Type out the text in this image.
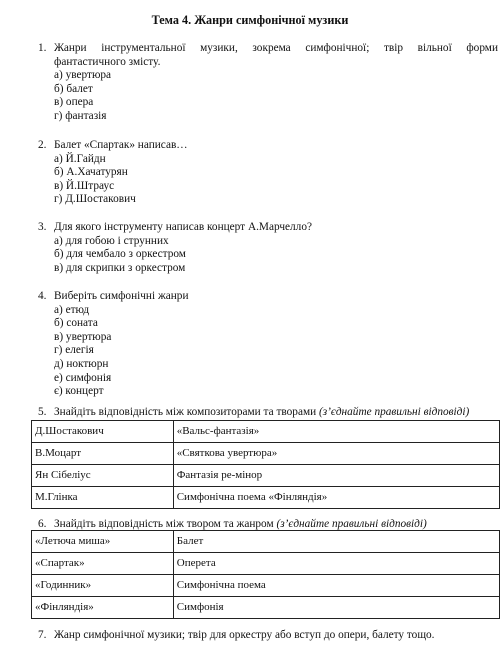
Тема 4. Жанри симфонічної музики
1. Жанри інструментальної музики, зокрема симфонічної; твір вільної форми
фантастичного змісту.
а) увертюра
б) балет
в) опера
г) фантазія
2. Балет «Спартак» написав…
а) Й.Гайдн
б) А.Хачатурян
в) Й.Штраус
г) Д.Шостакович
3. Для якого інструменту написав концерт А.Марчелло?
а) для гобою і струнних
б) для чембало з оркестром
в) для скрипки з оркестром
4. Виберіть симфонічні жанри
а) етюд
б) соната
в) увертюра
г) елегія
д) ноктюрн
е) симфонія
є) концерт
5. Знайдіть відповідність між композиторами та творами (з’єднайте правильні відповіді)
Д.Шостакович	«Вальс-фантазія»
В.Моцарт	«Святкова увертюра»
Ян Сібеліус	Фантазія ре-мінор
М.Глінка	Симфонічна поема «Фінляндія»
6. Знайдіть відповідність між твором та жанром (з’єднайте правильні відповіді)
«Летюча миша»	Балет
«Спартак»	Оперета
«Годинник»	Симфонічна поема
«Фінляндія»	Симфонія
7. Жанр симфонічної музики; твір для оркестру або вступ до опери, балету тощо.
